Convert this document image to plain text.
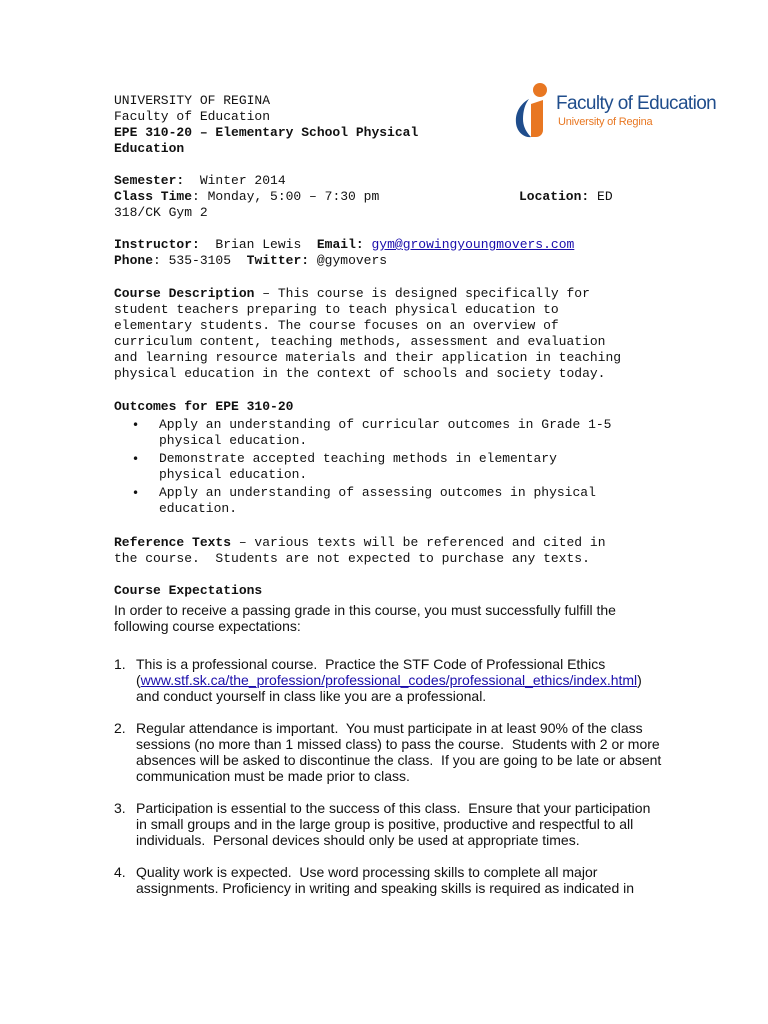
UNIVERSITY OF REGINA
Faculty of Education
EPE 310-20 – Elementary School Physical
Education
Faculty of Education
University of Regina
Semester:  Winter 2014
Class Time: Monday, 5:00 – 7:30 pm	Location: ED
318/CK Gym 2
Instructor:  Brian Lewis  Email: gym@growingyoungmovers.com
Phone: 535-3105  Twitter: @gymovers
Course Description – This course is designed specifically for
student teachers preparing to teach physical education to
elementary students. The course focuses on an overview of
curriculum content, teaching methods, assessment and evaluation
and learning resource materials and their application in teaching
physical education in the context of schools and society today.
Outcomes for EPE 310-20
• Apply an understanding of curricular outcomes in Grade 1-5
physical education.
• Demonstrate accepted teaching methods in elementary
physical education.
• Apply an understanding of assessing outcomes in physical
education.
Reference Texts – various texts will be referenced and cited in
the course.  Students are not expected to purchase any texts.
Course Expectations
In order to receive a passing grade in this course, you must successfully fulfill the
following course expectations:
1. This is a professional course.  Practice the STF Code of Professional Ethics
(www.stf.sk.ca/the_profession/professional_codes/professional_ethics/index.html)
and conduct yourself in class like you are a professional.
2. Regular attendance is important.  You must participate in at least 90% of the class
sessions (no more than 1 missed class) to pass the course.  Students with 2 or more
absences will be asked to discontinue the class.  If you are going to be late or absent
communication must be made prior to class.
3. Participation is essential to the success of this class.  Ensure that your participation
in small groups and in the large group is positive, productive and respectful to all
individuals.  Personal devices should only be used at appropriate times.
4. Quality work is expected.  Use word processing skills to complete all major
assignments. Proficiency in writing and speaking skills is required as indicated in
